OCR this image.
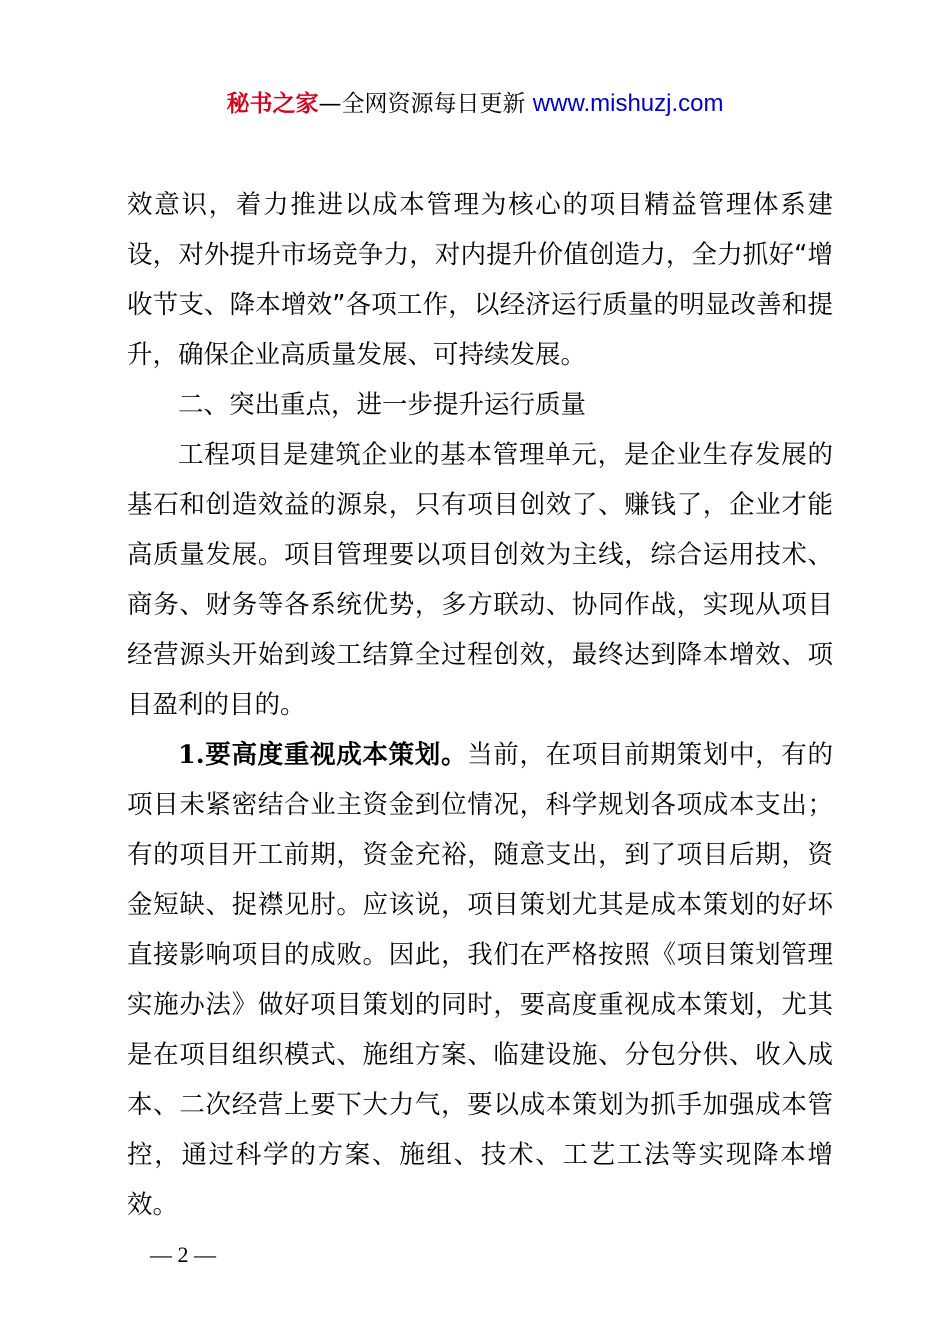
秘书之家—全网资源每日更新 www.mishuzj.com

效意识，着力推进以成本管理为核心的项目精益管理体系建设，对外提升市场竞争力，对内提升价值创造力，全力抓好“增收节支、降本增效”各项工作，以经济运行质量的明显改善和提升，确保企业高质量发展、可持续发展。

二、突出重点，进一步提升运行质量

工程项目是建筑企业的基本管理单元，是企业生存发展的基石和创造效益的源泉，只有项目创效了、赚钱了，企业才能高质量发展。项目管理要以项目创效为主线，综合运用技术、商务、财务等各系统优势，多方联动、协同作战，实现从项目经营源头开始到竣工结算全过程创效，最终达到降本增效、项目盈利的目的。

1.要高度重视成本策划。当前，在项目前期策划中，有的项目未紧密结合业主资金到位情况，科学规划各项成本支出；有的项目开工前期，资金充裕，随意支出，到了项目后期，资金短缺、捉襟见肘。应该说，项目策划尤其是成本策划的好坏直接影响项目的成败。因此，我们在严格按照《项目策划管理实施办法》做好项目策划的同时，要高度重视成本策划，尤其是在项目组织模式、施组方案、临建设施、分包分供、收入成本、二次经营上要下大力气，要以成本策划为抓手加强成本管控，通过科学的方案、施组、技术、工艺工法等实现降本增效。

— 2 —
